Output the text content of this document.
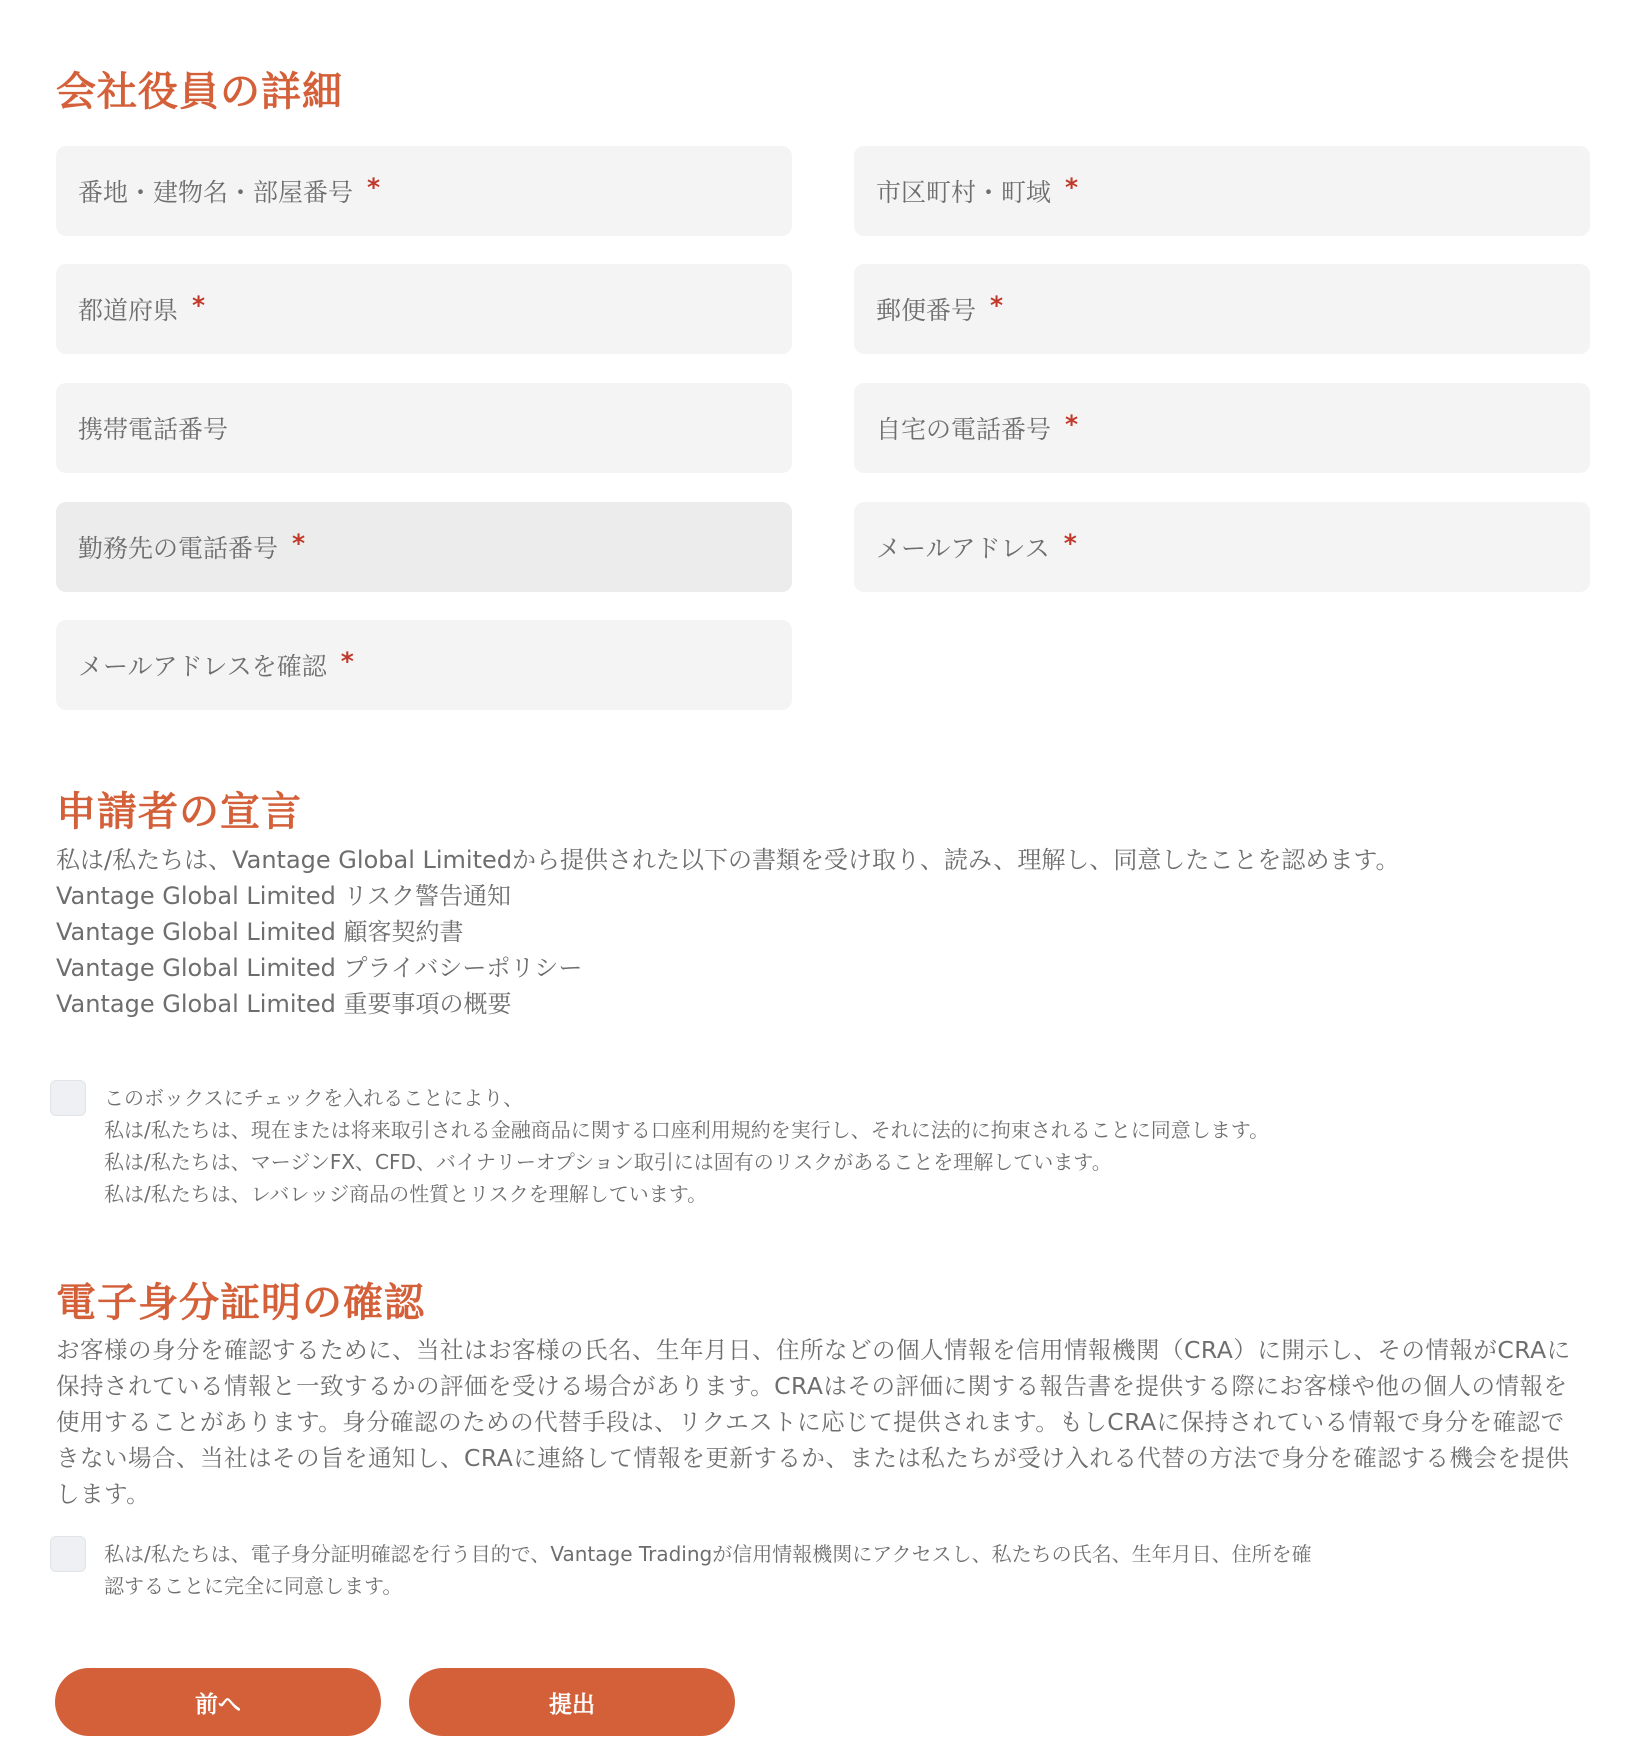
会社役員の詳細
番地・建物名・部屋番号 *	市区町村・町域 *
都道府県 *	郵便番号 *
携帯電話番号	自宅の電話番号 *
勤務先の電話番号 *	メールアドレス *
メールアドレスを確認 *
申請者の宣言
私は/私たちは、Vantage Global Limitedから提供された以下の書類を受け取り、読み、理解し、同意したことを認めます。
Vantage Global Limited リスク警告通知
Vantage Global Limited 顧客契約書
Vantage Global Limited プライバシーポリシー
Vantage Global Limited 重要事項の概要
このボックスにチェックを入れることにより、
私は/私たちは、現在または将来取引される金融商品に関する口座利用規約を実行し、それに法的に拘束されることに同意します。
私は/私たちは、マージンFX、CFD、バイナリーオプション取引には固有のリスクがあることを理解しています。
私は/私たちは、レバレッジ商品の性質とリスクを理解しています。
電子身分証明の確認
お客様の身分を確認するために、当社はお客様の氏名、生年月日、住所などの個人情報を信用情報機関（CRA）に開示し、その情報がCRAに保持されている情報と一致するかの評価を受ける場合があります。CRAはその評価に関する報告書を提供する際にお客様や他の個人の情報を使用することがあります。身分確認のための代替手段は、リクエストに応じて提供されます。もしCRAに保持されている情報で身分を確認できない場合、当社はその旨を通知し、CRAに連絡して情報を更新するか、または私たちが受け入れる代替の方法で身分を確認する機会を提供します。
私は/私たちは、電子身分証明確認を行う目的で、Vantage Tradingが信用情報機関にアクセスし、私たちの氏名、生年月日、住所を確
認することに完全に同意します。
前へ	提出
